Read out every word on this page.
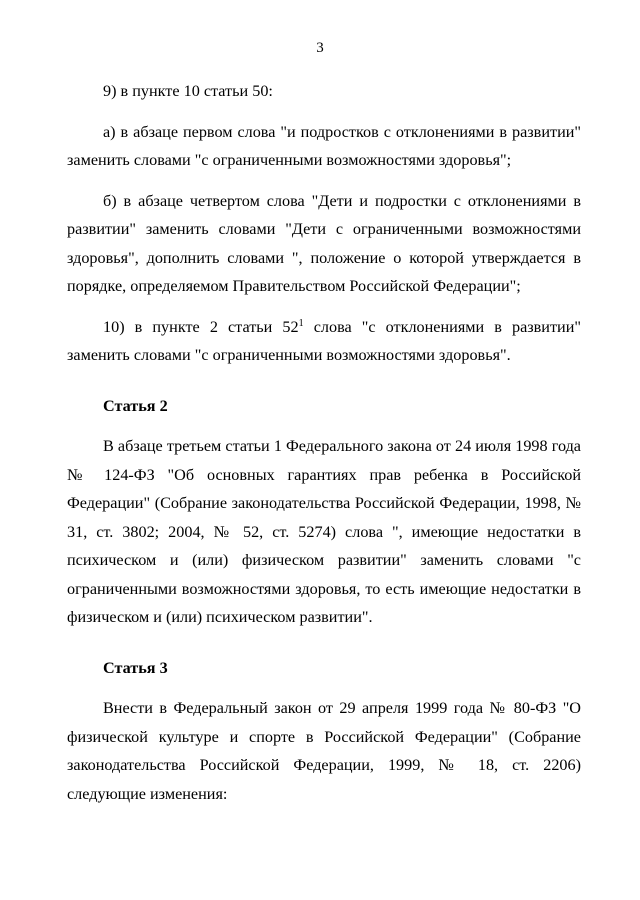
3

9) в пункте 10 статьи 50:

а) в абзаце первом слова "и подростков с отклонениями в развитии" заменить словами "с ограниченными возможностями здоровья";

б) в абзаце четвертом слова "Дети и подростки с отклонениями в развитии" заменить словами "Дети с ограниченными возможностями здоровья", дополнить словами ", положение о которой утверждается в порядке, определяемом Правительством Российской Федерации";

10) в пункте 2 статьи $52^1$ слова "с отклонениями в развитии" заменить словами "с ограниченными возможностями здоровья".

Статья 2

В абзаце третьем статьи 1 Федерального закона от 24 июля 1998 года № 124-ФЗ "Об основных гарантиях прав ребенка в Российской Федерации" (Собрание законодательства Российской Федерации, 1998, № 31, ст. 3802; 2004, № 52, ст. 5274) слова ", имеющие недостатки в психическом и (или) физическом развитии" заменить словами "с ограниченными возможностями здоровья, то есть имеющие недостатки в физическом и (или) психическом развитии".

Статья 3

Внести в Федеральный закон от 29 апреля 1999 года № 80-ФЗ "О физической культуре и спорте в Российской Федерации" (Собрание законодательства Российской Федерации, 1999, № 18, ст. 2206) следующие изменения:
